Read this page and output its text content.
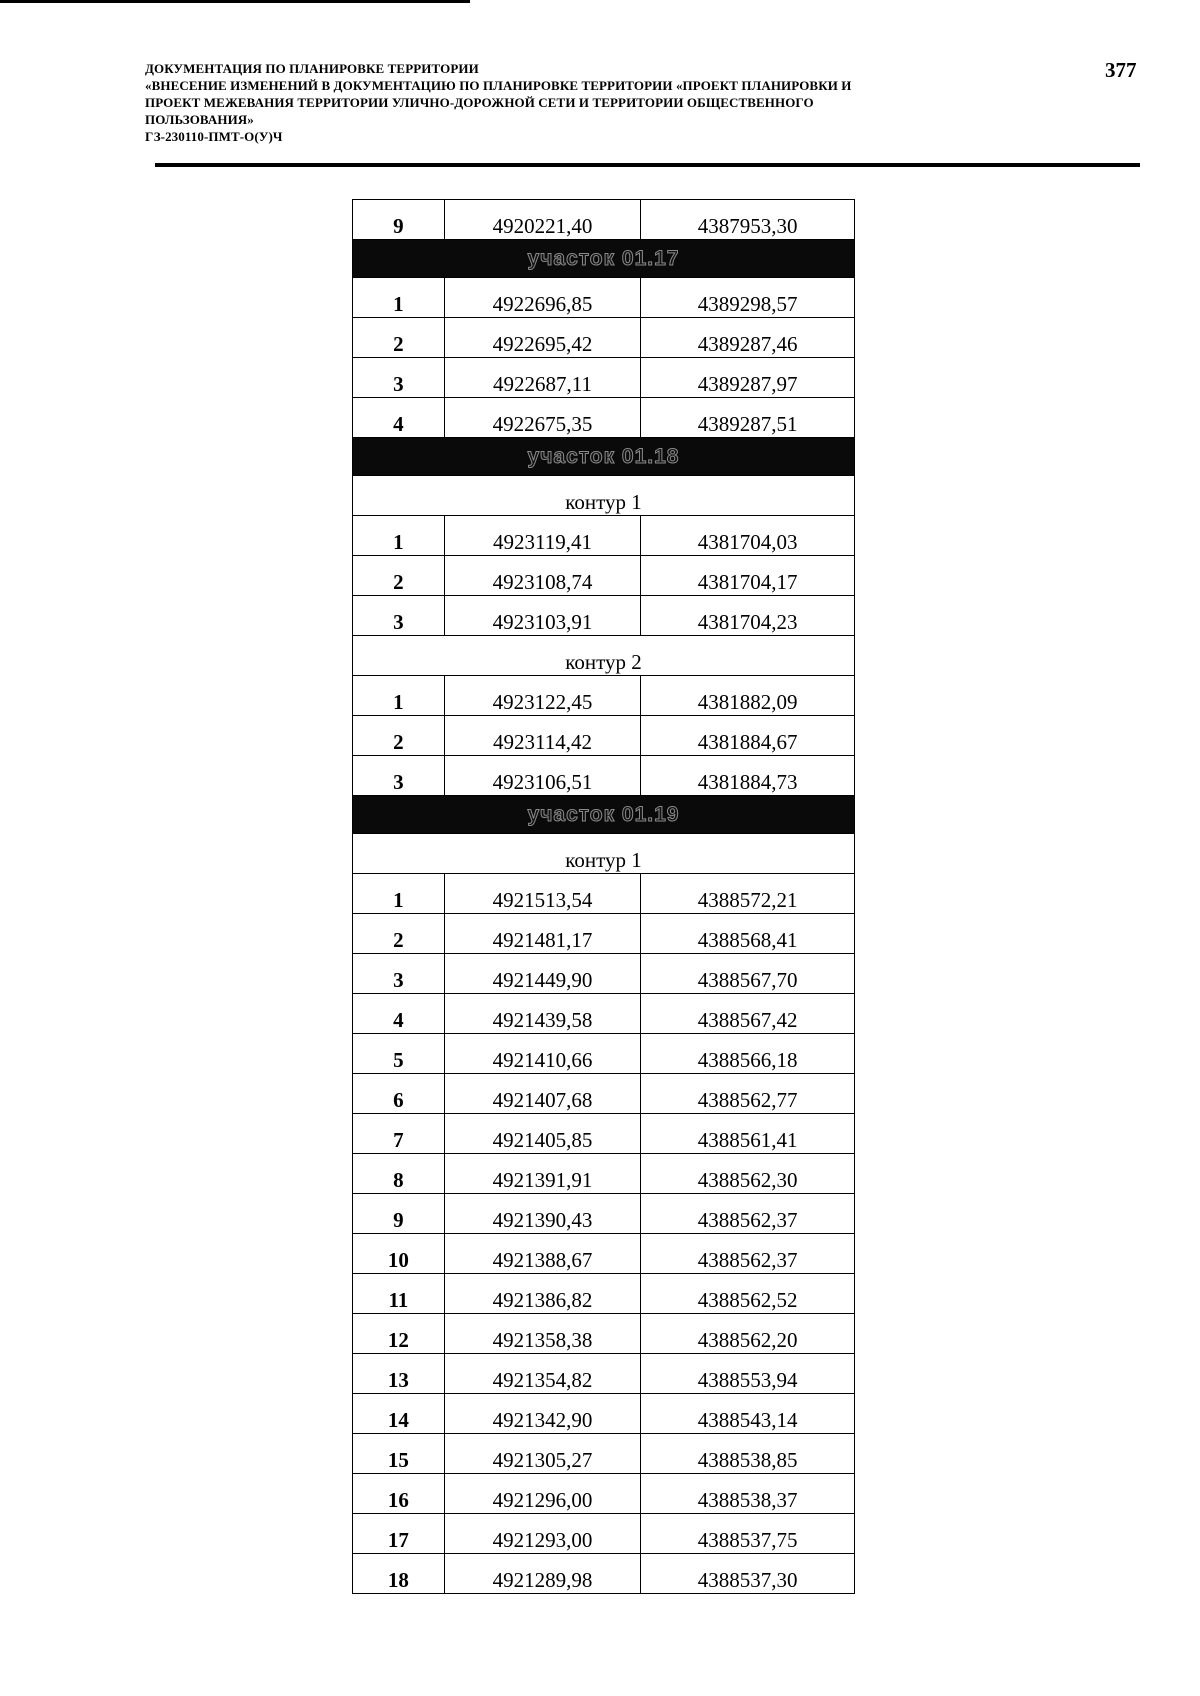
ДОКУМЕНТАЦИЯ ПО ПЛАНИРОВКЕ ТЕРРИТОРИИ
«ВНЕСЕНИЕ ИЗМЕНЕНИЙ В ДОКУМЕНТАЦИЮ ПО ПЛАНИРОВКЕ ТЕРРИТОРИИ «ПРОЕКТ ПЛАНИРОВКИ И
ПРОЕКТ МЕЖЕВАНИЯ ТЕРРИТОРИИ УЛИЧНО-ДОРОЖНОЙ СЕТИ И ТЕРРИТОРИИ ОБЩЕСТВЕННОГО
ПОЛЬЗОВАНИЯ»
ГЗ-230110-ПМТ-О(У)Ч
377
9	4920221,40	4387953,30
участок 01.17		
1	4922696,85	4389298,57
2	4922695,42	4389287,46
3	4922687,11	4389287,97
4	4922675,35	4389287,51
участок 01.18		
контур 1		
1	4923119,41	4381704,03
2	4923108,74	4381704,17
3	4923103,91	4381704,23
контур 2		
1	4923122,45	4381882,09
2	4923114,42	4381884,67
3	4923106,51	4381884,73
участок 01.19		
контур 1		
1	4921513,54	4388572,21
2	4921481,17	4388568,41
3	4921449,90	4388567,70
4	4921439,58	4388567,42
5	4921410,66	4388566,18
6	4921407,68	4388562,77
7	4921405,85	4388561,41
8	4921391,91	4388562,30
9	4921390,43	4388562,37
10	4921388,67	4388562,37
11	4921386,82	4388562,52
12	4921358,38	4388562,20
13	4921354,82	4388553,94
14	4921342,90	4388543,14
15	4921305,27	4388538,85
16	4921296,00	4388538,37
17	4921293,00	4388537,75
18	4921289,98	4388537,30
